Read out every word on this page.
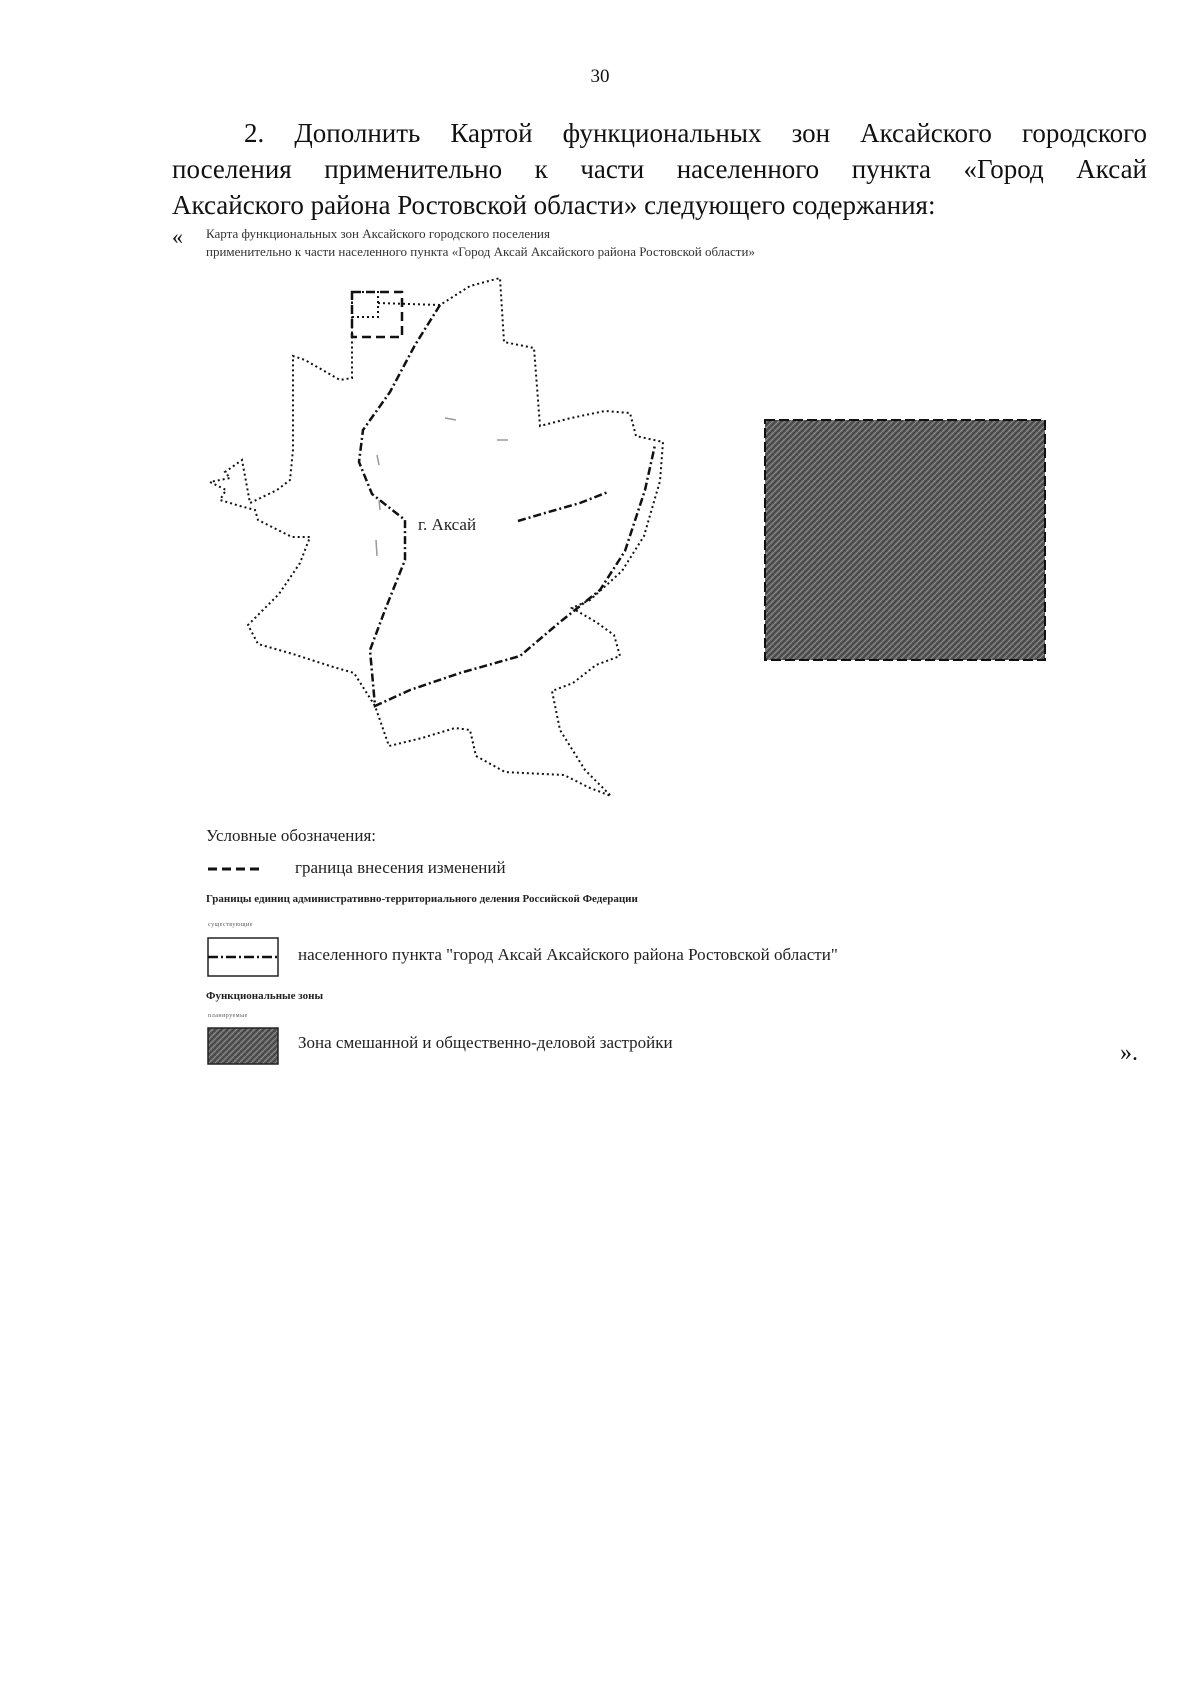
30

2. Дополнить Картой функциональных зон Аксайского городского

поселения применительно к части населенного пункта «Город Аксай

Аксайского района Ростовской области» следующего содержания:

« Карта функциональных зон Аксайского городского поселения
применительно к части населенного пункта «Город Аксай Аксайского района Ростовской области»
г. Аксай
Условные обозначения:
граница внесения изменений
Границы единиц административно-территориального деления Российской Федерации
существующие
населенного пункта "город Аксай Аксайского района Ростовской области"
Функциональные зоны
планируемые
Зона смешанной и общественно-деловой застройки	».
